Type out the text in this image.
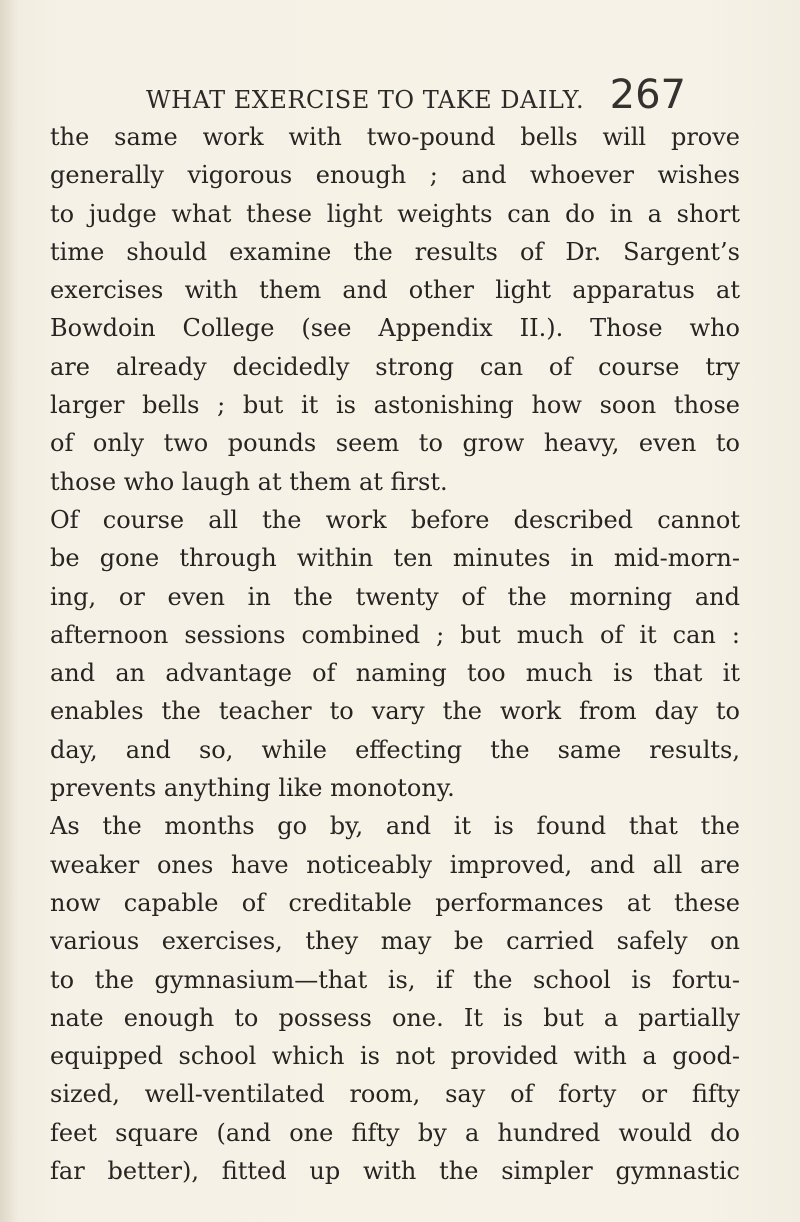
WHAT EXERCISE TO TAKE DAILY. 267
the same work with two-pound bells will prove
generally vigorous enough ; and whoever wishes
to judge what these light weights can do in a short
time should examine the results of Dr. Sargent’s
exercises with them and other light apparatus at
Bowdoin College (see Appendix II.). Those who
are already decidedly strong can of course try
larger bells ; but it is astonishing how soon those
of only two pounds seem to grow heavy, even to
those who laugh at them at first.
Of course all the work before described cannot
be gone through within ten minutes in mid-morn-
ing, or even in the twenty of the morning and
afternoon sessions combined ; but much of it can :
and an advantage of naming too much is that it
enables the teacher to vary the work from day to
day, and so, while effecting the same results,
prevents anything like monotony.
As the months go by, and it is found that the
weaker ones have noticeably improved, and all are
now capable of creditable performances at these
various exercises, they may be carried safely on
to the gymnasium—that is, if the school is fortu-
nate enough to possess one. It is but a partially
equipped school which is not provided with a good-
sized, well-ventilated room, say of forty or fifty
feet square (and one fifty by a hundred would do
far better), fitted up with the simpler gymnastic
